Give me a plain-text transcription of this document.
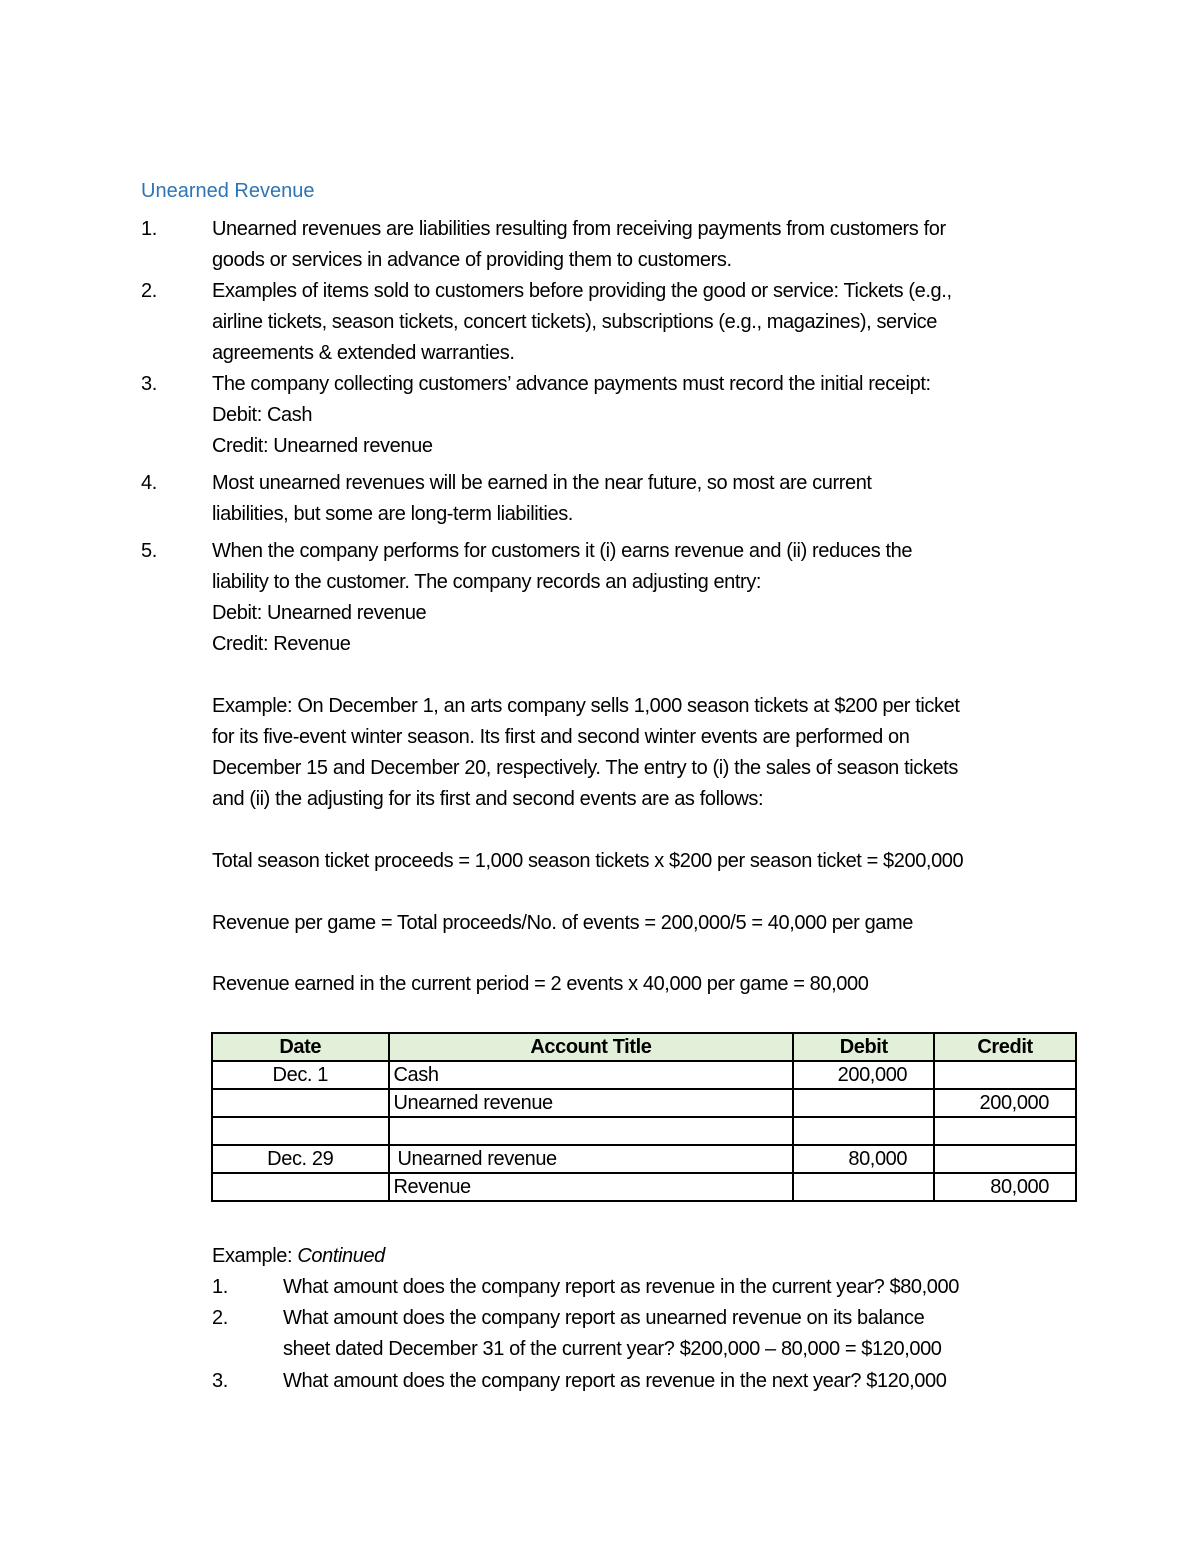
Unearned Revenue
1.	Unearned revenues are liabilities resulting from receiving payments from customers for
goods or services in advance of providing them to customers.
2.	Examples of items sold to customers before providing the good or service: Tickets (e.g.,
airline tickets, season tickets, concert tickets), subscriptions (e.g., magazines), service
agreements & extended warranties.
3.	The company collecting customers’ advance payments must record the initial receipt:
Debit: Cash
Credit: Unearned revenue
4.	Most unearned revenues will be earned in the near future, so most are current
liabilities, but some are long-term liabilities.
5.	When the company performs for customers it (i) earns revenue and (ii) reduces the
liability to the customer. The company records an adjusting entry:
Debit: Unearned revenue
Credit: Revenue
Example: On December 1, an arts company sells 1,000 season tickets at $200 per ticket
for its five-event winter season. Its first and second winter events are performed on
December 15 and December 20, respectively. The entry to (i) the sales of season tickets
and (ii) the adjusting for its first and second events are as follows:
Total season ticket proceeds = 1,000 season tickets x $200 per season ticket = $200,000
Revenue per game = Total proceeds/No. of events = 200,000/5 = 40,000 per game
Revenue earned in the current period = 2 events x 40,000 per game = 80,000
Date	Account Title	Debit	Credit
Dec. 1	Cash	200,000	
	Unearned revenue		200,000

Dec. 29	Unearned revenue	80,000	
	Revenue		80,000
Example: Continued
1.	What amount does the company report as revenue in the current year? $80,000
2.	What amount does the company report as unearned revenue on its balance
sheet dated December 31 of the current year? $200,000 – 80,000 = $120,000
3.	What amount does the company report as revenue in the next year? $120,000
